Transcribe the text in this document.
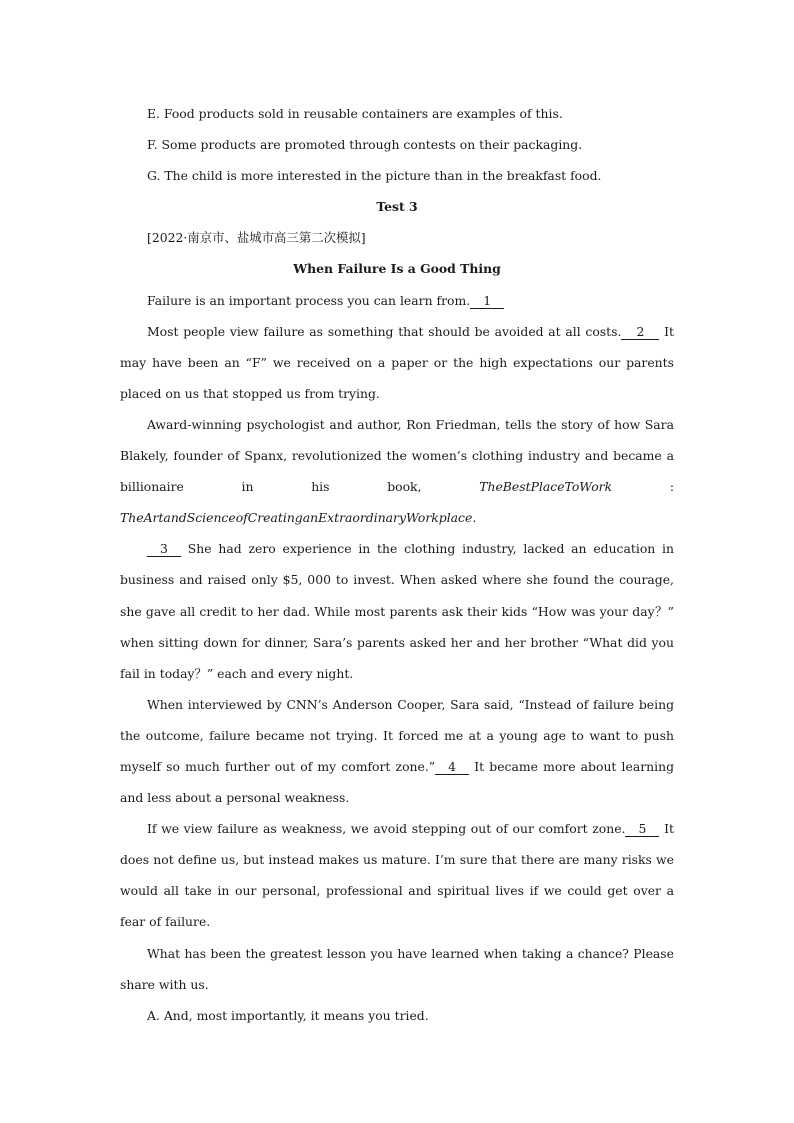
E. Food products sold in reusable containers are examples of this.

F. Some products are promoted through contests on their packaging.

G. The child is more interested in the picture than in the breakfast food.

Test 3

[2022·南京市、盐城市高三第二次模拟]

When Failure Is a Good Thing

Failure is an important process you can learn from. 1

Most people view failure as something that should be avoided at all costs. 2 It may have been an “F” we received on a paper or the high expectations our parents placed on us that stopped us from trying.

Award-winning psychologist and author, Ron Friedman, tells the story of how Sara Blakely, founder of Spanx, revolutionized the women’s clothing industry and became a billionaire in his book,	TheBestPlaceToWork	:

TheArtandScienceofCreatinganExtraordinaryWorkplace.

3 She had zero experience in the clothing industry, lacked an education in business and raised only $5, 000 to invest. When asked where she found the courage, she gave all credit to her dad. While most parents ask their kids “How was your day？” when sitting down for dinner, Sara’s parents asked her and her brother “What did you fail in today？” each and every night.

When interviewed by CNN’s Anderson Cooper, Sara said, “Instead of failure being the outcome, failure became not trying. It forced me at a young age to want to push myself so much further out of my comfort zone.” 4 It became more about learning and less about a personal weakness.

If we view failure as weakness, we avoid stepping out of our comfort zone. 5 It does not define us, but instead makes us mature. I’m sure that there are many risks we would all take in our personal, professional and spiritual lives if we could get over a fear of failure.

What has been the greatest lesson you have learned when taking a chance? Please share with us.

A. And, most importantly, it means you tried.
